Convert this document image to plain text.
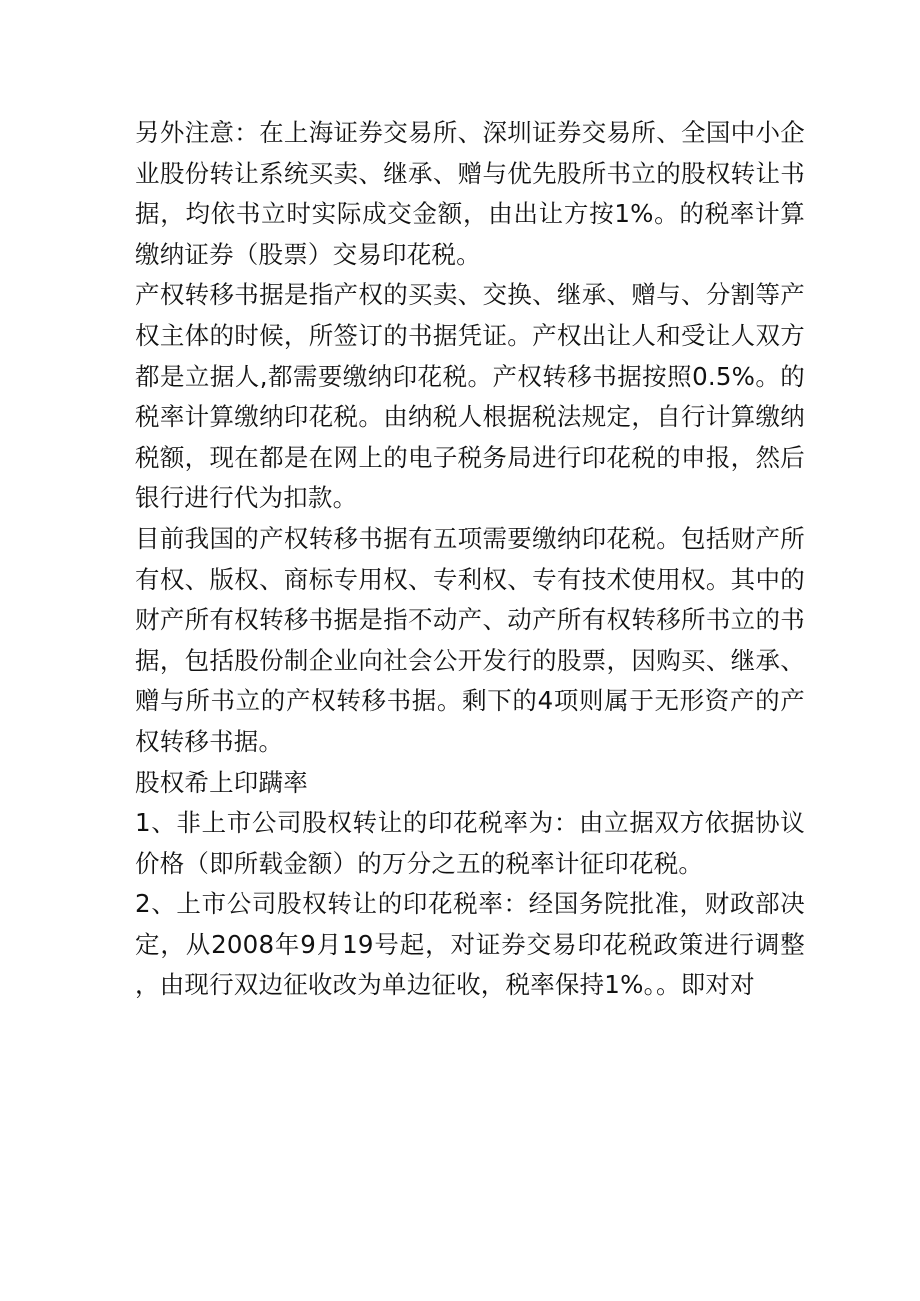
另外注意：在上海证券交易所、深圳证券交易所、全国中小企业股份转让系统买卖、继承、赠与优先股所书立的股权转让书据，均依书立时实际成交金额，由出让方按1%。的税率计算缴纳证券（股票）交易印花税。

产权转移书据是指产权的买卖、交换、继承、赠与、分割等产权主体的时候，所签订的书据凭证。产权出让人和受让人双方都是立据人,都需要缴纳印花税。产权转移书据按照0.5%。的税率计算缴纳印花税。由纳税人根据税法规定，自行计算缴纳税额，现在都是在网上的电子税务局进行印花税的申报，然后银行进行代为扣款。

目前我国的产权转移书据有五项需要缴纳印花税。包括财产所有权、版权、商标专用权、专利权、专有技术使用权。其中的财产所有权转移书据是指不动产、动产所有权转移所书立的书据，包括股份制企业向社会公开发行的股票，因购买、继承、赠与所书立的产权转移书据。剩下的4项则属于无形资产的产权转移书据。

股权希上印蹒率

1、非上市公司股权转让的印花税率为：由立据双方依据协议价格（即所载金额）的万分之五的税率计征印花税。

2、上市公司股权转让的印花税率：经国务院批准，财政部决定，从2008年9月19号起，对证券交易印花税政策进行调整，由现行双边征收改为单边征收，税率保持1%。。即对对
